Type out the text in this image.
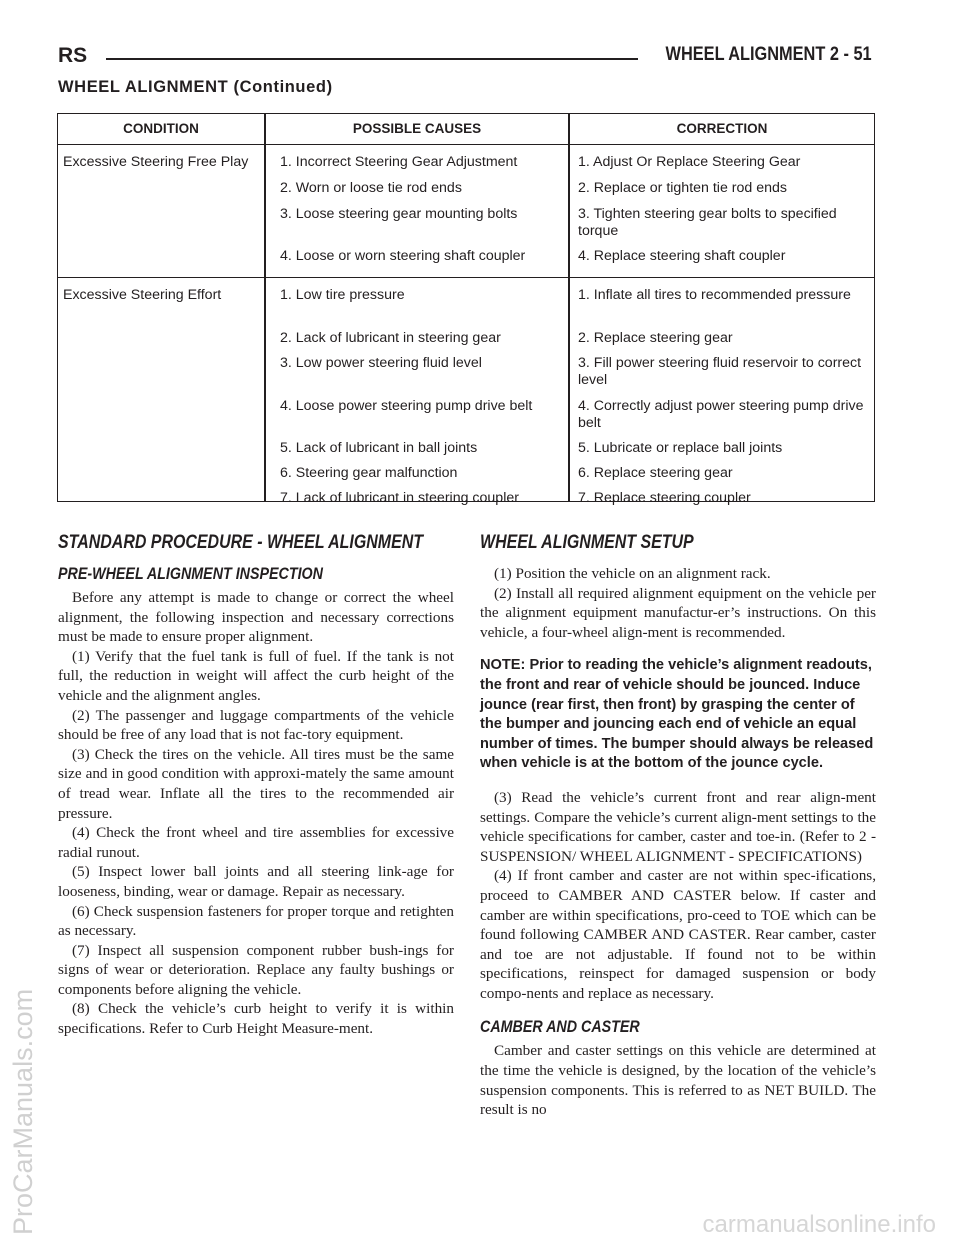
RS	WHEEL ALIGNMENT 2 - 51
WHEEL ALIGNMENT (Continued)
CONDITION	POSSIBLE CAUSES	CORRECTION
Excessive Steering Free Play	1. Incorrect Steering Gear Adjustment	1. Adjust Or Replace Steering Gear
2. Worn or loose tie rod ends	2. Replace or tighten tie rod ends
3. Loose steering gear mounting bolts	3. Tighten steering gear bolts to specified torque
4. Loose or worn steering shaft coupler	4. Replace steering shaft coupler
Excessive Steering Effort	1. Low tire pressure	1. Inflate all tires to recommended pressure
2. Lack of lubricant in steering gear	2. Replace steering gear
3. Low power steering fluid level	3. Fill power steering fluid reservoir to correct level
4. Loose power steering pump drive belt	4. Correctly adjust power steering pump drive belt
5. Lack of lubricant in ball joints	5. Lubricate or replace ball joints
6. Steering gear malfunction	6. Replace steering gear
7. Lack of lubricant in steering coupler	7. Replace steering coupler
STANDARD PROCEDURE - WHEEL ALIGNMENT
PRE-WHEEL ALIGNMENT INSPECTION

Before any attempt is made to change or correct the wheel alignment, the following inspection and necessary corrections must be made to ensure proper alignment.

(1) Verify that the fuel tank is full of fuel. If the tank is not full, the reduction in weight will affect the curb height of the vehicle and the alignment angles.

(2) The passenger and luggage compartments of the vehicle should be free of any load that is not fac-tory equipment.

(3) Check the tires on the vehicle. All tires must be the same size and in good condition with approxi-mately the same amount of tread wear. Inflate all the tires to the recommended air pressure.

(4) Check the front wheel and tire assemblies for excessive radial runout.

(5) Inspect lower ball joints and all steering link-age for looseness, binding, wear or damage. Repair as necessary.

(6) Check suspension fasteners for proper torque and retighten as necessary.

(7) Inspect all suspension component rubber bush-ings for signs of wear or deterioration. Replace any faulty bushings or components before aligning the vehicle.

(8) Check the vehicle’s curb height to verify it is within specifications. Refer to Curb Height Measure-ment.

WHEEL ALIGNMENT SETUP

(1) Position the vehicle on an alignment rack.

(2) Install all required alignment equipment on the vehicle per the alignment equipment manufactur-er’s instructions. On this vehicle, a four-wheel align-ment is recommended.

NOTE: Prior to reading the vehicle’s alignment readouts, the front and rear of vehicle should be jounced. Induce jounce (rear first, then front) by grasping the center of the bumper and jouncing each end of vehicle an equal number of times. The bumper should always be released when vehicle is at the bottom of the jounce cycle.

(3) Read the vehicle’s current front and rear align-ment settings. Compare the vehicle’s current align-ment settings to the vehicle specifications for camber, caster and toe-in. (Refer to 2 - SUSPENSION/ WHEEL ALIGNMENT - SPECIFICATIONS)

(4) If front camber and caster are not within spec-ifications, proceed to CAMBER AND CASTER below. If caster and camber are within specifications, pro-ceed to TOE which can be found following CAMBER AND CASTER. Rear camber, caster and toe are not adjustable. If found not to be within specifications, reinspect for damaged suspension or body compo-nents and replace as necessary.

CAMBER AND CASTER

Camber and caster settings on this vehicle are determined at the time the vehicle is designed, by the location of the vehicle’s suspension components. This is referred to as NET BUILD. The result is no

ProCarManuals.com	carmanualsonline.info
